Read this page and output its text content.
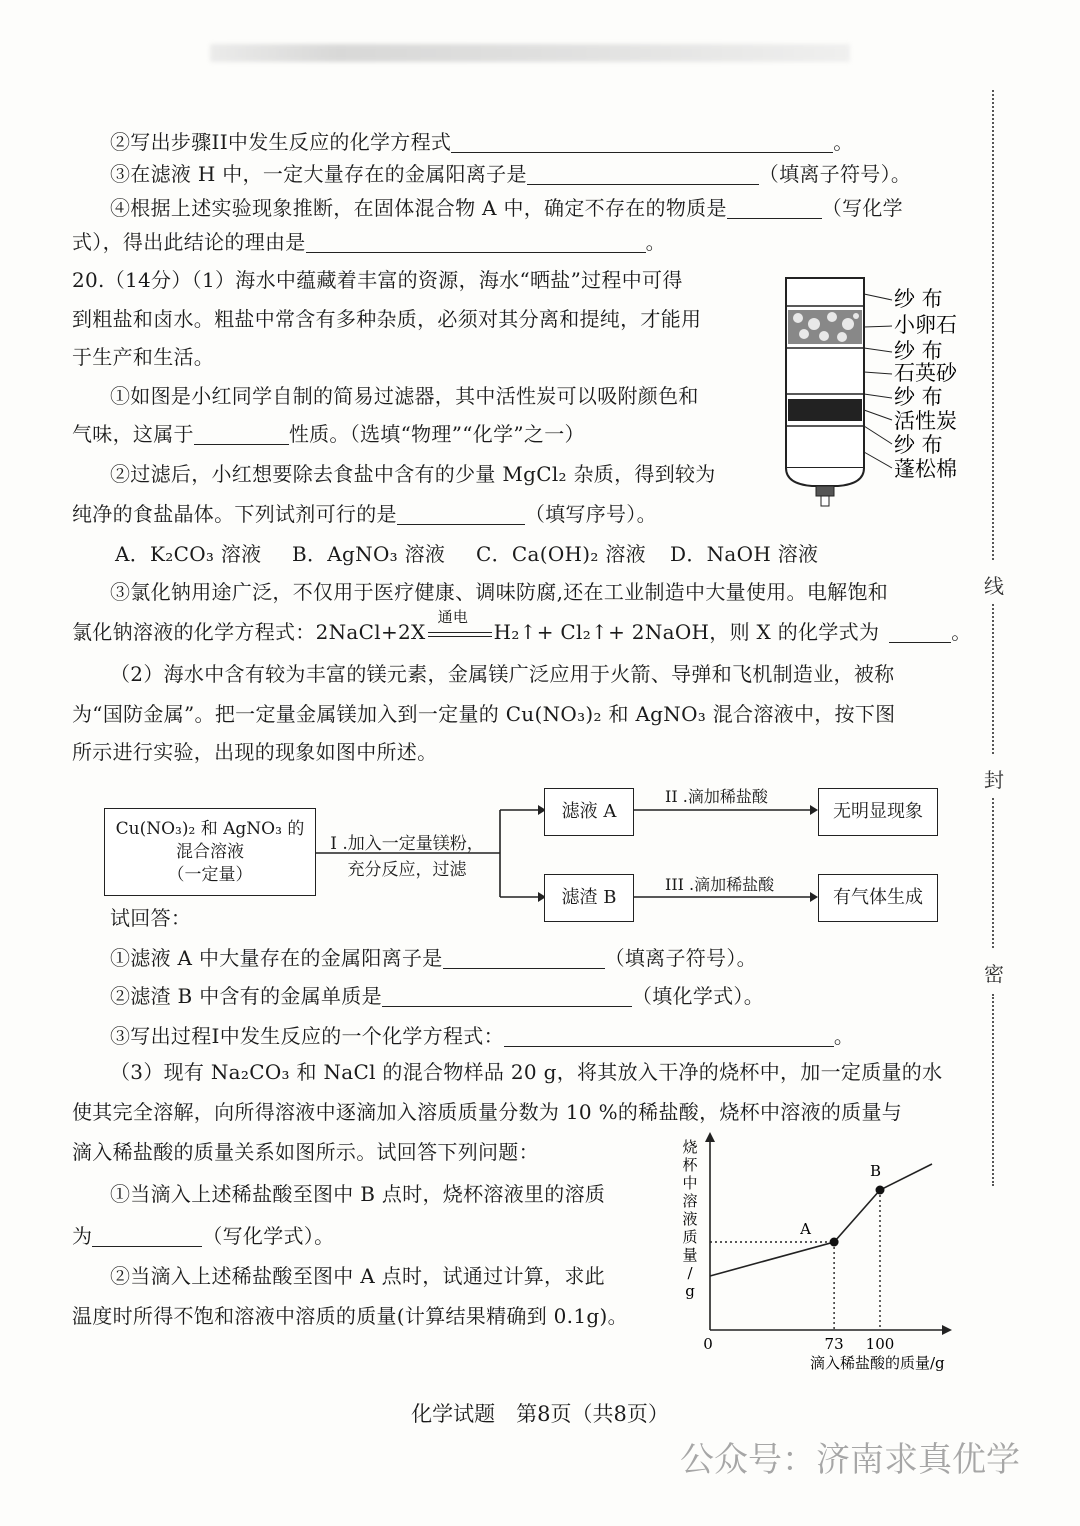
②写出步骤II中发生反应的化学方程式	。
③在滤液 H 中，一定大量存在的金属阳离子是	（填离子符号）。
④根据上述实验现象推断，在固体混合物 A 中，确定不存在的物质是	（写化学
式），得出此结论的理由是	。
20.（14分）（1）海水中蕴藏着丰富的资源，海水“晒盐”过程中可得
到粗盐和卤水。粗盐中常含有多种杂质，必须对其分离和提纯，才能用
于生产和生活。
①如图是小红同学自制的简易过滤器，其中活性炭可以吸附颜色和
气味，这属于	性质。（选填“物理”“化学”之一）
②过滤后，小红想要除去食盐中含有的少量 MgCl₂ 杂质，得到较为
纯净的食盐晶体。下列试剂可行的是	（填写序号）。
A．K₂CO₃ 溶液 B．AgNO₃ 溶液 C．Ca(OH)₂ 溶液 D．NaOH 溶液
③氯化钠用途广泛，不仅用于医疗健康、调味防腐,还在工业制造中大量使用。电解饱和
氯化钠溶液的化学方程式：2NaCl+2X
通电
H₂↑+ Cl₂↑+ 2NaOH，则 X 的化学式为	。
纱 布
小卵石
纱 布
石英砂
纱 布
活性炭
纱 布
蓬松棉
（2）海水中含有较为丰富的镁元素，金属镁广泛应用于火箭、导弹和飞机制造业，被称
为“国防金属”。把一定量金属镁加入到一定量的 Cu(NO₃)₂ 和 AgNO₃ 混合溶液中，按下图
所示进行实验，出现的现象如图中所述。
Cu(NO₃)₂ 和 AgNO₃ 的
混合溶液
（一定量）
I .加入一定量镁粉，
充分反应，过滤
滤液 A
滤渣 B
II .滴加稀盐酸
III .滴加稀盐酸
无明显现象
有气体生成
试回答：
①滤液 A 中大量存在的金属阳离子是	（填离子符号）。
②滤渣 B 中含有的金属单质是	（填化学式）。
③写出过程I中发生反应的一个化学方程式：	。
（3）现有 Na₂CO₃ 和 NaCl 的混合物样品 20 g，将其放入干净的烧杯中，加一定质量的水
使其完全溶解，向所得溶液中逐滴加入溶质质量分数为 10 %的稀盐酸，烧杯中溶液的质量与
滴入稀盐酸的质量关系如图所示。试回答下列问题：
①当滴入上述稀盐酸至图中 B 点时，烧杯溶液里的溶质
为	（写化学式）。
②当滴入上述稀盐酸至图中 A 点时，试通过计算，求此
温度时所得不饱和溶液中溶质的质量(计算结果精确到 0.1g)。
烧
杯
中
溶
液
质
量
/
g
0	73 100
滴入稀盐酸的质量/g
A
B
线
封
密
化学试题　第8页（共8页）
公众号：济南求真优学
